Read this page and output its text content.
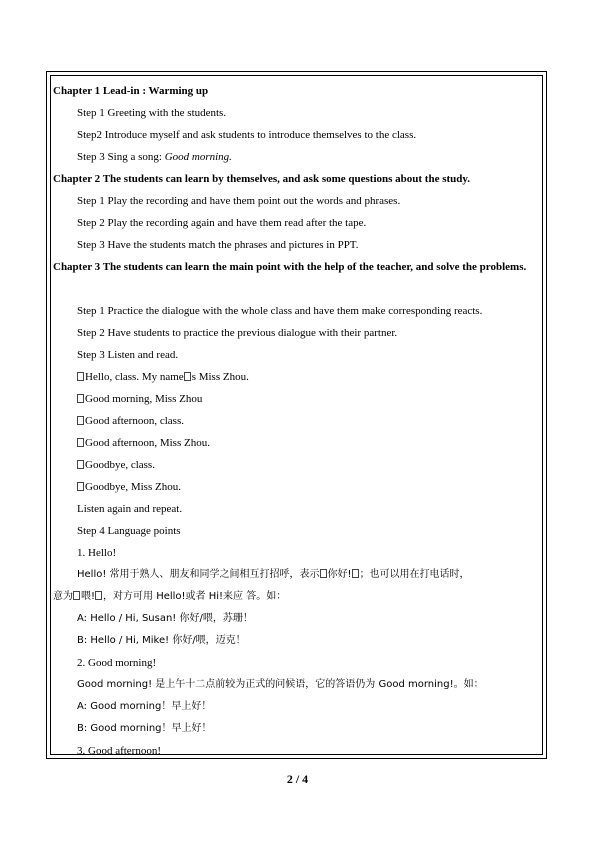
Chapter 1 Lead-in : Warming up
Step 1 Greeting with the students.
Step2 Introduce myself and ask students to introduce themselves to the class.
Step 3 Sing a song: Good morning.
Chapter 2 The students can learn by themselves, and ask some questions about the study.
Step 1 Play the recording and have them point out the words and phrases.
Step 2 Play the recording again and have them read after the tape.
Step 3 Have the students match the phrases and pictures in PPT.
Chapter 3 The students can learn the main point with the help of the teacher, and solve the problems.
Step 1 Practice the dialogue with the whole class and have them make corresponding reacts.
Step 2 Have students to practice the previous dialogue with their partner.
Step 3 Listen and read.
Hello, class. My name s Miss Zhou.
Good morning, Miss Zhou
Good afternoon, class.
Good afternoon, Miss Zhou.
Goodbye, class.
Goodbye, Miss Zhou.
Listen again and repeat.
Step 4 Language points
1. Hello!
Hello! 常用于熟人、朋友和同学之间相互打招呼，表示 你好! ；也可以用在打电话时，
意为 喂! ，对方可用 Hello!或者 Hi!来应 答。如：
A: Hello / Hi, Susan! 你好/喂，苏珊！
B: Hello / Hi, Mike! 你好/喂，迈克！
2. Good morning!
Good morning! 是上午十二点前较为正式的问候语，它的答语仍为 Good morning!。如：
A: Good morning！早上好！
B: Good morning！早上好！
3. Good afternoon!
2 / 4
